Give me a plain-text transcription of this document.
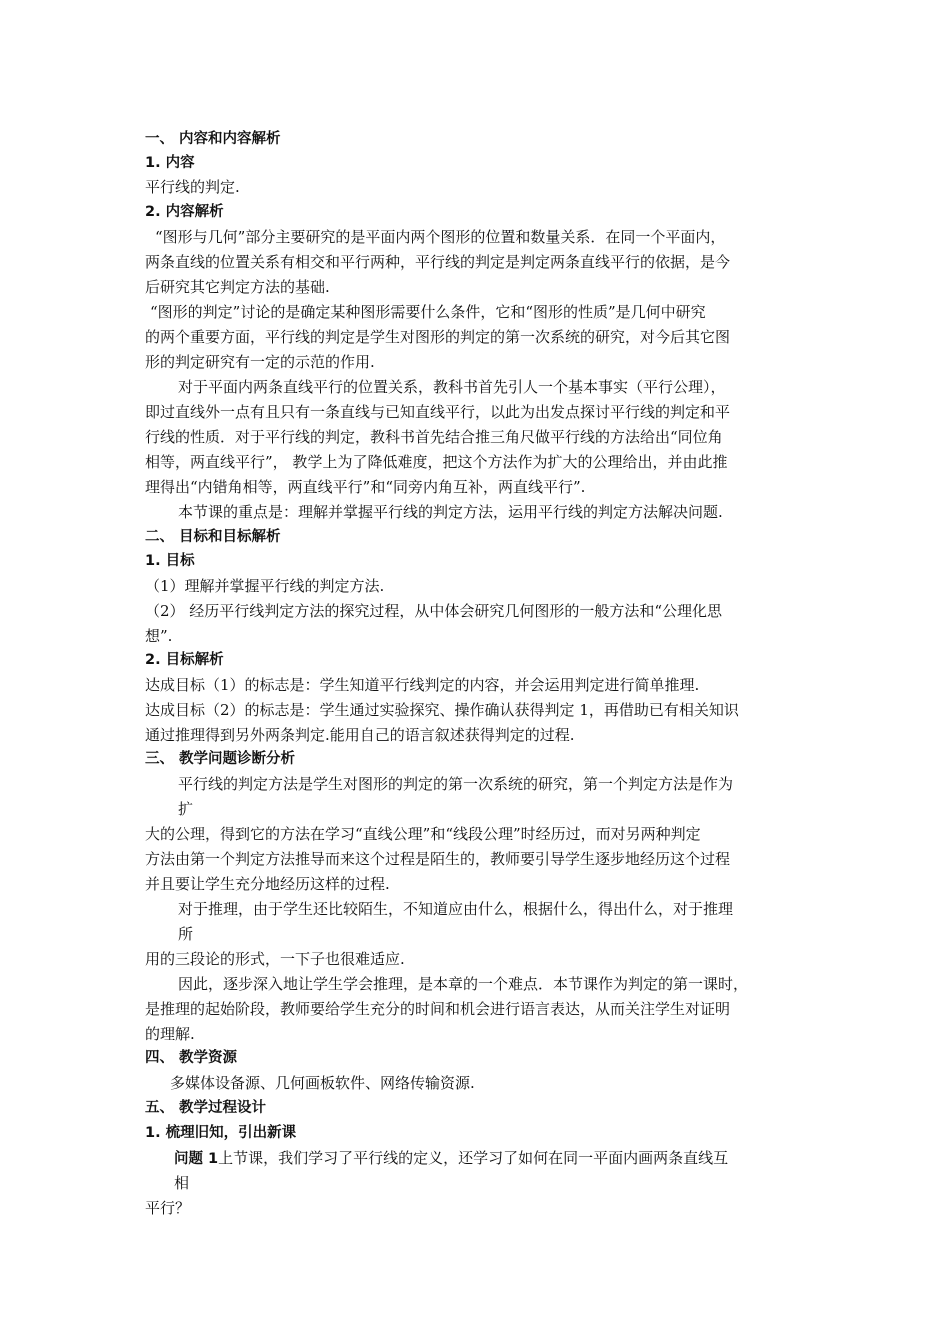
一、 内容和内容解析
1. 内容
平行线的判定.
2. 内容解析
“图形与几何”部分主要研究的是平面内两个图形的位置和数量关系．在同一个平面内，
两条直线的位置关系有相交和平行两种，平行线的判定是判定两条直线平行的依据，是今
后研究其它判定方法的基础.
“图形的判定”讨论的是确定某种图形需要什么条件，它和“图形的性质”是几何中研究
的两个重要方面，平行线的判定是学生对图形的判定的第一次系统的研究，对今后其它图
形的判定研究有一定的示范的作用.
对于平面内两条直线平行的位置关系，教科书首先引人一个基本事实（平行公理），
即过直线外一点有且只有一条直线与已知直线平行，以此为出发点探讨平行线的判定和平
行线的性质．对于平行线的判定，教科书首先结合推三角尺做平行线的方法给出“同位角
相等，两直线平行”， 教学上为了降低难度，把这个方法作为扩大的公理给出，并由此推
理得出“内错角相等，两直线平行”和“同旁内角互补，两直线平行”.
本节课的重点是：理解并掌握平行线的判定方法，运用平行线的判定方法解决问题.
二、 目标和目标解析
1. 目标
（1）理解并掌握平行线的判定方法.
（2） 经历平行线判定方法的探究过程，从中体会研究几何图形的一般方法和“公理化思
想”.
2. 目标解析
达成目标（1）的标志是：学生知道平行线判定的内容，并会运用判定进行简单推理.
达成目标（2）的标志是：学生通过实验探究、操作确认获得判定 1，再借助已有相关知识
通过推理得到另外两条判定.能用自己的语言叙述获得判定的过程.
三、 教学问题诊断分析
平行线的判定方法是学生对图形的判定的第一次系统的研究，第一个判定方法是作为
扩
大的公理，得到它的方法在学习“直线公理”和“线段公理”时经历过，而对另两种判定
方法由第一个判定方法推导而来这个过程是陌生的，教师要引导学生逐步地经历这个过程
并且要让学生充分地经历这样的过程.
对于推理，由于学生还比较陌生，不知道应由什么，根据什么，得出什么，对于推理
所
用的三段论的形式，一下子也很难适应.
因此，逐步深入地让学生学会推理，是本章的一个难点．本节课作为判定的第一课时，
是推理的起始阶段，教师要给学生充分的时间和机会进行语言表达，从而关注学生对证明
的理解.
四、 教学资源
多媒体设备源、几何画板软件、网络传输资源.
五、 教学过程设计
1. 梳理旧知，引出新课
问题 1上节课，我们学习了平行线的定义，还学习了如何在同一平面内画两条直线互
相
平行？
